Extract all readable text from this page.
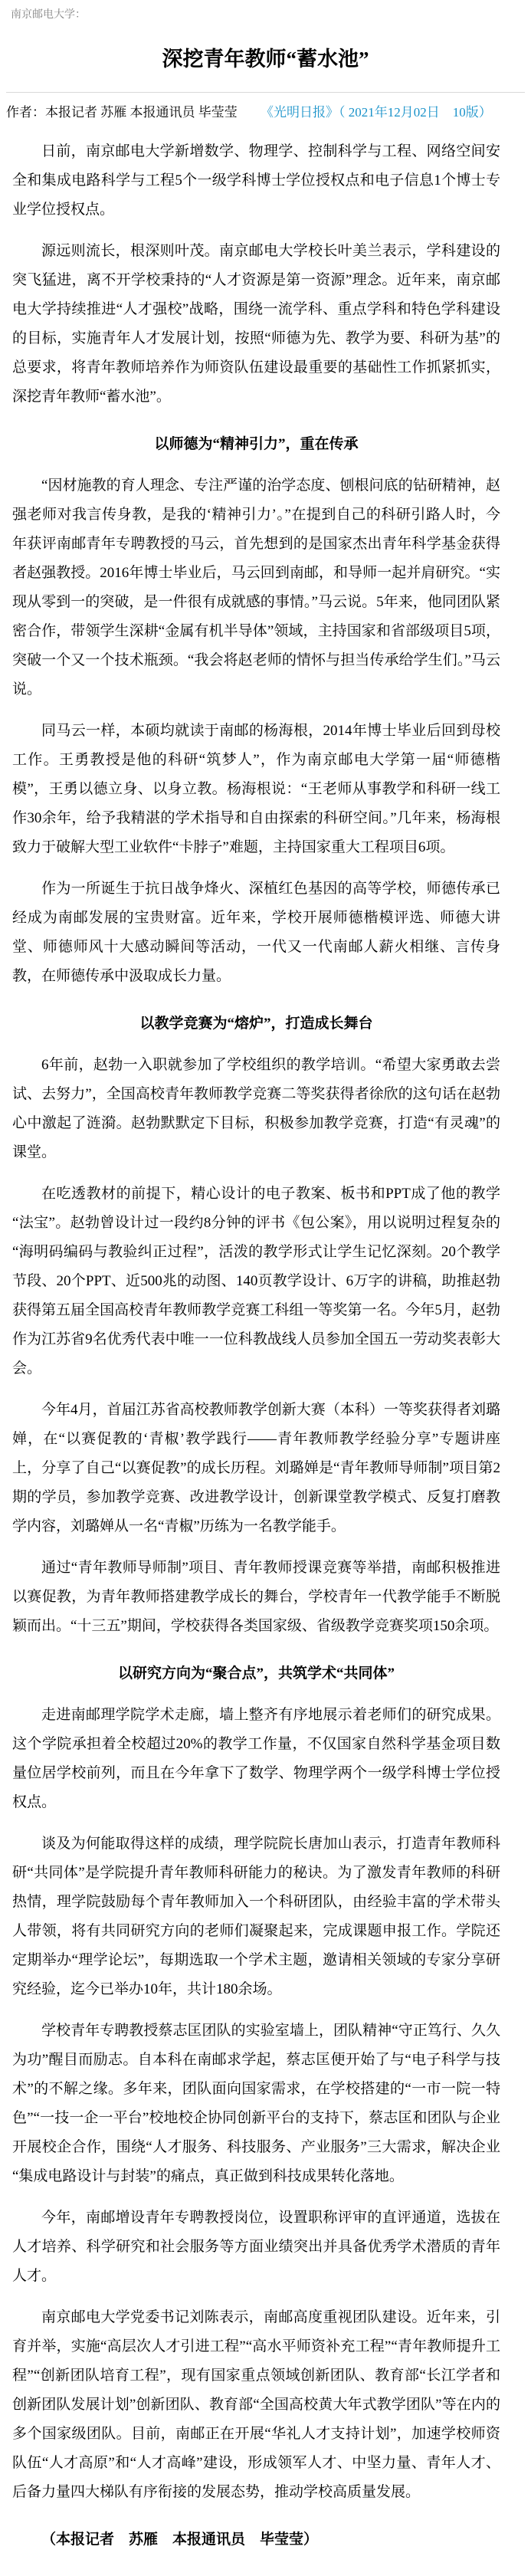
南京邮电大学：
深挖青年教师“蓄水池”
作者：本报记者 苏雁 本报通讯员 毕莹莹 《光明日报》（ 2021年12月02日　10版）

日前，南京邮电大学新增数学、物理学、控制科学与工程、网络空间安全和集成电路科学与工程5个一级学科博士学位授权点和电子信息1个博士专业学位授权点。

源远则流长，根深则叶茂。南京邮电大学校长叶美兰表示，学科建设的突飞猛进，离不开学校秉持的“人才资源是第一资源”理念。近年来，南京邮电大学持续推进“人才强校”战略，围绕一流学科、重点学科和特色学科建设的目标，实施青年人才发展计划，按照“师德为先、教学为要、科研为基”的总要求，将青年教师培养作为师资队伍建设最重要的基础性工作抓紧抓实，深挖青年教师“蓄水池”。

以师德为“精神引力”，重在传承

“因材施教的育人理念、专注严谨的治学态度、刨根问底的钻研精神，赵强老师对我言传身教，是我的‘精神引力’。”在提到自己的科研引路人时，今年获评南邮青年专聘教授的马云，首先想到的是国家杰出青年科学基金获得者赵强教授。2016年博士毕业后，马云回到南邮，和导师一起并肩研究。“实现从零到一的突破，是一件很有成就感的事情。”马云说。5年来，他同团队紧密合作，带领学生深耕“金属有机半导体”领域，主持国家和省部级项目5项，突破一个又一个技术瓶颈。“我会将赵老师的情怀与担当传承给学生们。”马云说。

同马云一样，本硕均就读于南邮的杨海根，2014年博士毕业后回到母校工作。王勇教授是他的科研“筑梦人”，作为南京邮电大学第一届“师德楷模”，王勇以德立身、以身立教。杨海根说：“王老师从事教学和科研一线工作30余年，给予我精湛的学术指导和自由探索的科研空间。”几年来，杨海根致力于破解大型工业软件“卡脖子”难题，主持国家重大工程项目6项。

作为一所诞生于抗日战争烽火、深植红色基因的高等学校，师德传承已经成为南邮发展的宝贵财富。近年来，学校开展师德楷模评选、师德大讲堂、师德师风十大感动瞬间等活动，一代又一代南邮人薪火相继、言传身教，在师德传承中汲取成长力量。

以教学竞赛为“熔炉”，打造成长舞台

6年前，赵勃一入职就参加了学校组织的教学培训。“希望大家勇敢去尝试、去努力”，全国高校青年教师教学竞赛二等奖获得者徐欣的这句话在赵勃心中激起了涟漪。赵勃默默定下目标，积极参加教学竞赛，打造“有灵魂”的课堂。

在吃透教材的前提下，精心设计的电子教案、板书和PPT成了他的教学“法宝”。赵勃曾设计过一段约8分钟的评书《包公案》，用以说明过程复杂的“海明码编码与教验纠正过程”，活泼的教学形式让学生记忆深刻。20个教学节段、20个PPT、近500兆的动图、140页教学设计、6万字的讲稿，助推赵勃获得第五届全国高校青年教师教学竞赛工科组一等奖第一名。今年5月，赵勃作为江苏省9名优秀代表中唯一一位科教战线人员参加全国五一劳动奖表彰大会。

今年4月，首届江苏省高校教师教学创新大赛（本科）一等奖获得者刘璐婵，在“以赛促教的‘青椒’教学践行——青年教师教学经验分享”专题讲座上，分享了自己“以赛促教”的成长历程。刘璐婵是“青年教师导师制”项目第2期的学员，参加教学竞赛、改进教学设计，创新课堂教学模式、反复打磨教学内容，刘璐婵从一名“青椒”历练为一名教学能手。

通过“青年教师导师制”项目、青年教师授课竞赛等举措，南邮积极推进以赛促教，为青年教师搭建教学成长的舞台，学校青年一代教学能手不断脱颖而出。“十三五”期间，学校获得各类国家级、省级教学竞赛奖项150余项。

以研究方向为“聚合点”，共筑学术“共同体”

走进南邮理学院学术走廊，墙上整齐有序地展示着老师们的研究成果。这个学院承担着全校超过20%的教学工作量，不仅国家自然科学基金项目数量位居学校前列，而且在今年拿下了数学、物理学两个一级学科博士学位授权点。

谈及为何能取得这样的成绩，理学院院长唐加山表示，打造青年教师科研“共同体”是学院提升青年教师科研能力的秘诀。为了激发青年教师的科研热情，理学院鼓励每个青年教师加入一个科研团队，由经验丰富的学术带头人带领，将有共同研究方向的老师们凝聚起来，完成课题申报工作。学院还定期举办“理学论坛”，每期选取一个学术主题，邀请相关领域的专家分享研究经验，迄今已举办10年，共计180余场。

学校青年专聘教授蔡志匡团队的实验室墙上，团队精神“守正笃行、久久为功”醒目而励志。自本科在南邮求学起，蔡志匡便开始了与“电子科学与技术”的不解之缘。多年来，团队面向国家需求，在学校搭建的“一市一院一特色”“一技一企一平台”校地校企协同创新平台的支持下，蔡志匡和团队与企业开展校企合作，围绕“人才服务、科技服务、产业服务”三大需求，解决企业“集成电路设计与封装”的痛点，真正做到科技成果转化落地。

今年，南邮增设青年专聘教授岗位，设置职称评审的直评通道，选拔在人才培养、科学研究和社会服务等方面业绩突出并具备优秀学术潜质的青年人才。

南京邮电大学党委书记刘陈表示，南邮高度重视团队建设。近年来，引育并举，实施“高层次人才引进工程”“高水平师资补充工程”“青年教师提升工程”“创新团队培育工程”，现有国家重点领域创新团队、教育部“长江学者和创新团队发展计划”创新团队、教育部“全国高校黄大年式教学团队”等在内的多个国家级团队。目前，南邮正在开展“华礼人才支持计划”，加速学校师资队伍“人才高原”和“人才高峰”建设，形成领军人才、中坚力量、青年人才、后备力量四大梯队有序衔接的发展态势，推动学校高质量发展。

（本报记者　苏雁　本报通讯员　毕莹莹）
